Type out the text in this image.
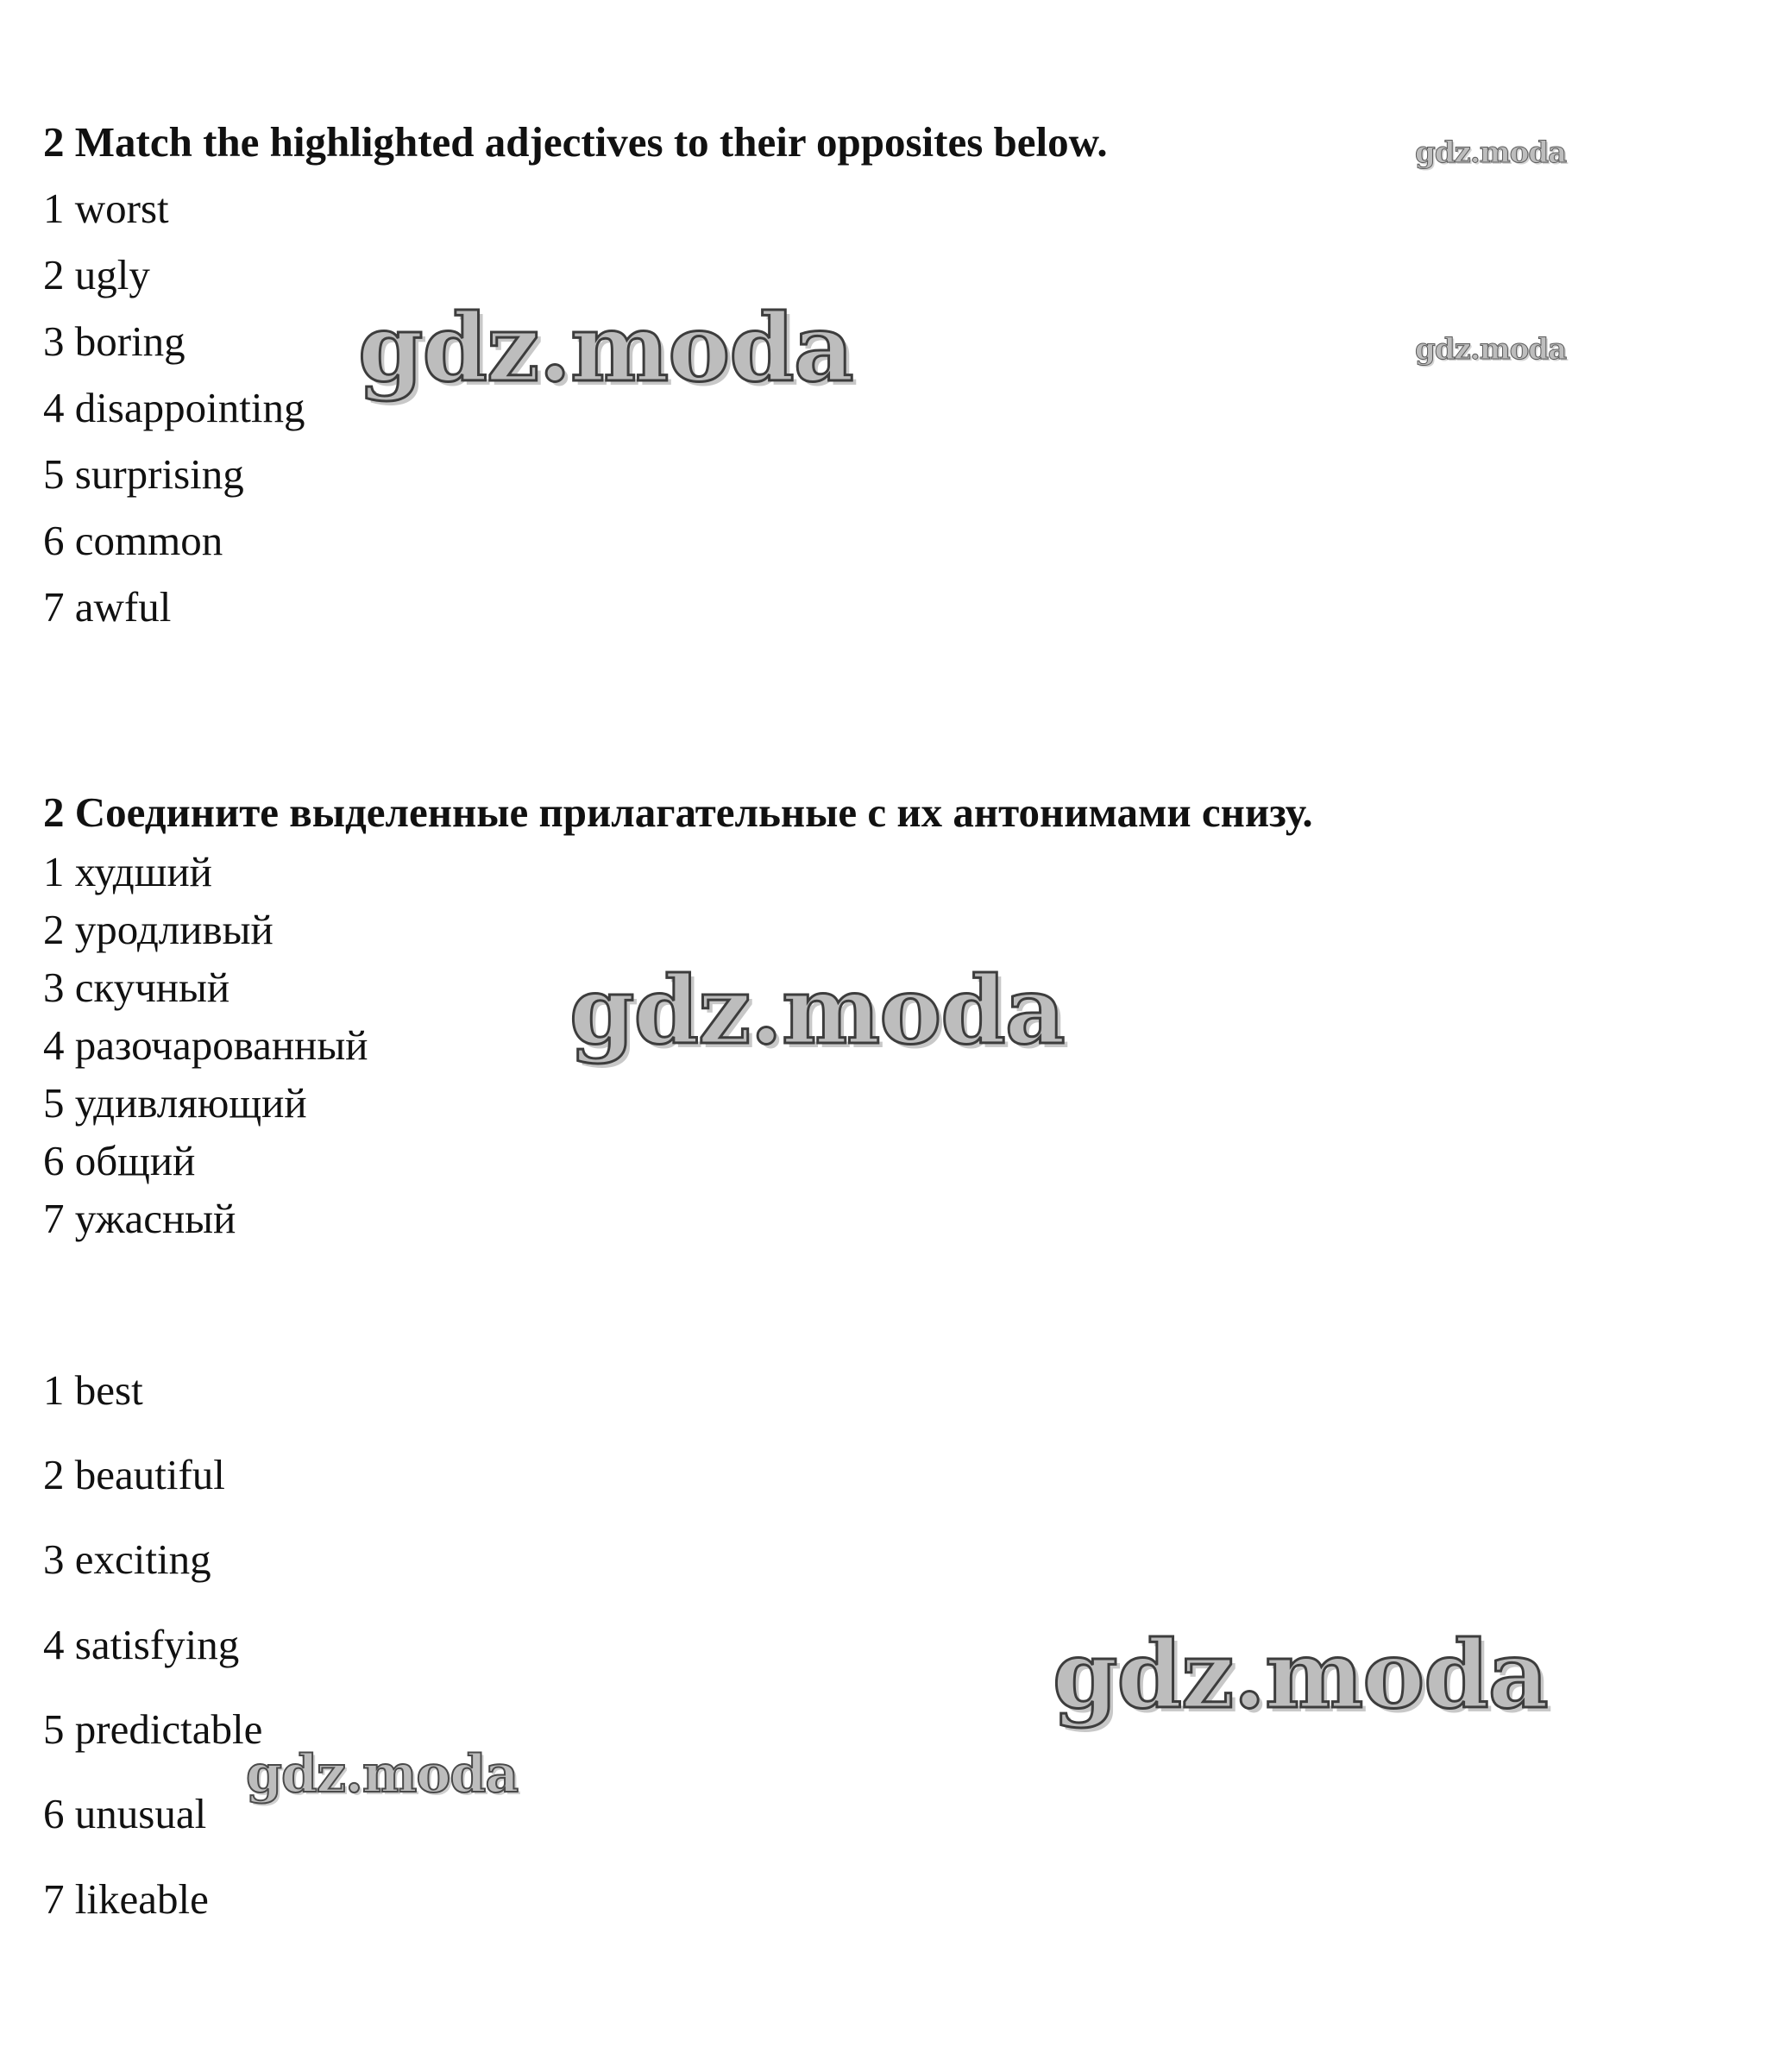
2 Match the highlighted adjectives to their opposites below.
1 worst
2 ugly
3 boring
4 disappointing
5 surprising
6 common
7 awful
2 Соедините выделенные прилагательные с их антонимами снизу.
1 худший
2 уродливый
3 скучный
4 разочарованный
5 удивляющий
6 общий
7 ужасный
1 best
2 beautiful
3 exciting
4 satisfying
5 predictable
6 unusual
7 likeable
gdz.moda
gdz.moda
gdz.moda
gdz.moda
gdz.moda
gdz.moda
